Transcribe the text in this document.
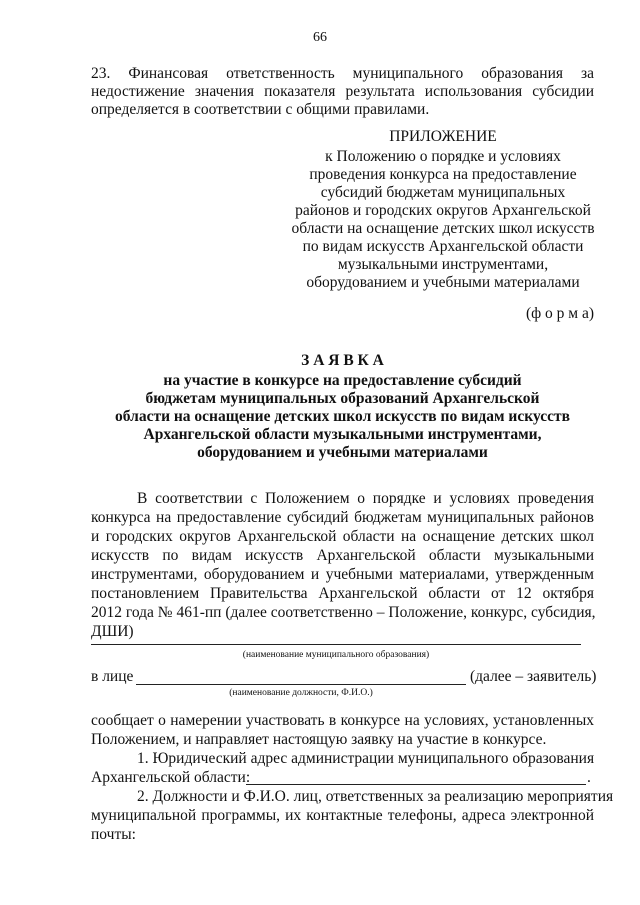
66
23. Финансовая ответственность муниципального образования за
недостижение значения показателя результата использования субсидии
определяется в соответствии с общими правилами.
ПРИЛОЖЕНИЕ
к Положению о порядке и условиях
проведения конкурса на предоставление
субсидий бюджетам муниципальных
районов и городских округов Архангельской
области на оснащение детских школ искусств
по видам искусств Архангельской области
музыкальными инструментами,
оборудованием и учебными материалами
(ф о р м а)
З А Я В К А
на участие в конкурсе на предоставление субсидий
бюджетам муниципальных образований Архангельской
области на оснащение детских школ искусств по видам искусств
Архангельской области музыкальными инструментами,
оборудованием и учебными материалами
В соответствии с Положением о порядке и условиях проведения
конкурса на предоставление субсидий бюджетам муниципальных районов
и городских округов Архангельской области на оснащение детских школ
искусств по видам искусств Архангельской области музыкальными
инструментами, оборудованием и учебными материалами, утвержденным
постановлением Правительства Архангельской области от 12 октября
2012 года № 461-пп (далее соответственно – Положение, конкурс, субсидия,
ДШИ)
(наименование муниципального образования)
в лице	(далее – заявитель)
(наименование должности, Ф.И.О.)
сообщает о намерении участвовать в конкурсе на условиях, установленных
Положением, и направляет настоящую заявку на участие в конкурсе.
1. Юридический адрес администрации муниципального образования
Архангельской области:	.
2. Должности и Ф.И.О. лиц, ответственных за реализацию мероприятия
муниципальной программы, их контактные телефоны, адреса электронной
почты:
